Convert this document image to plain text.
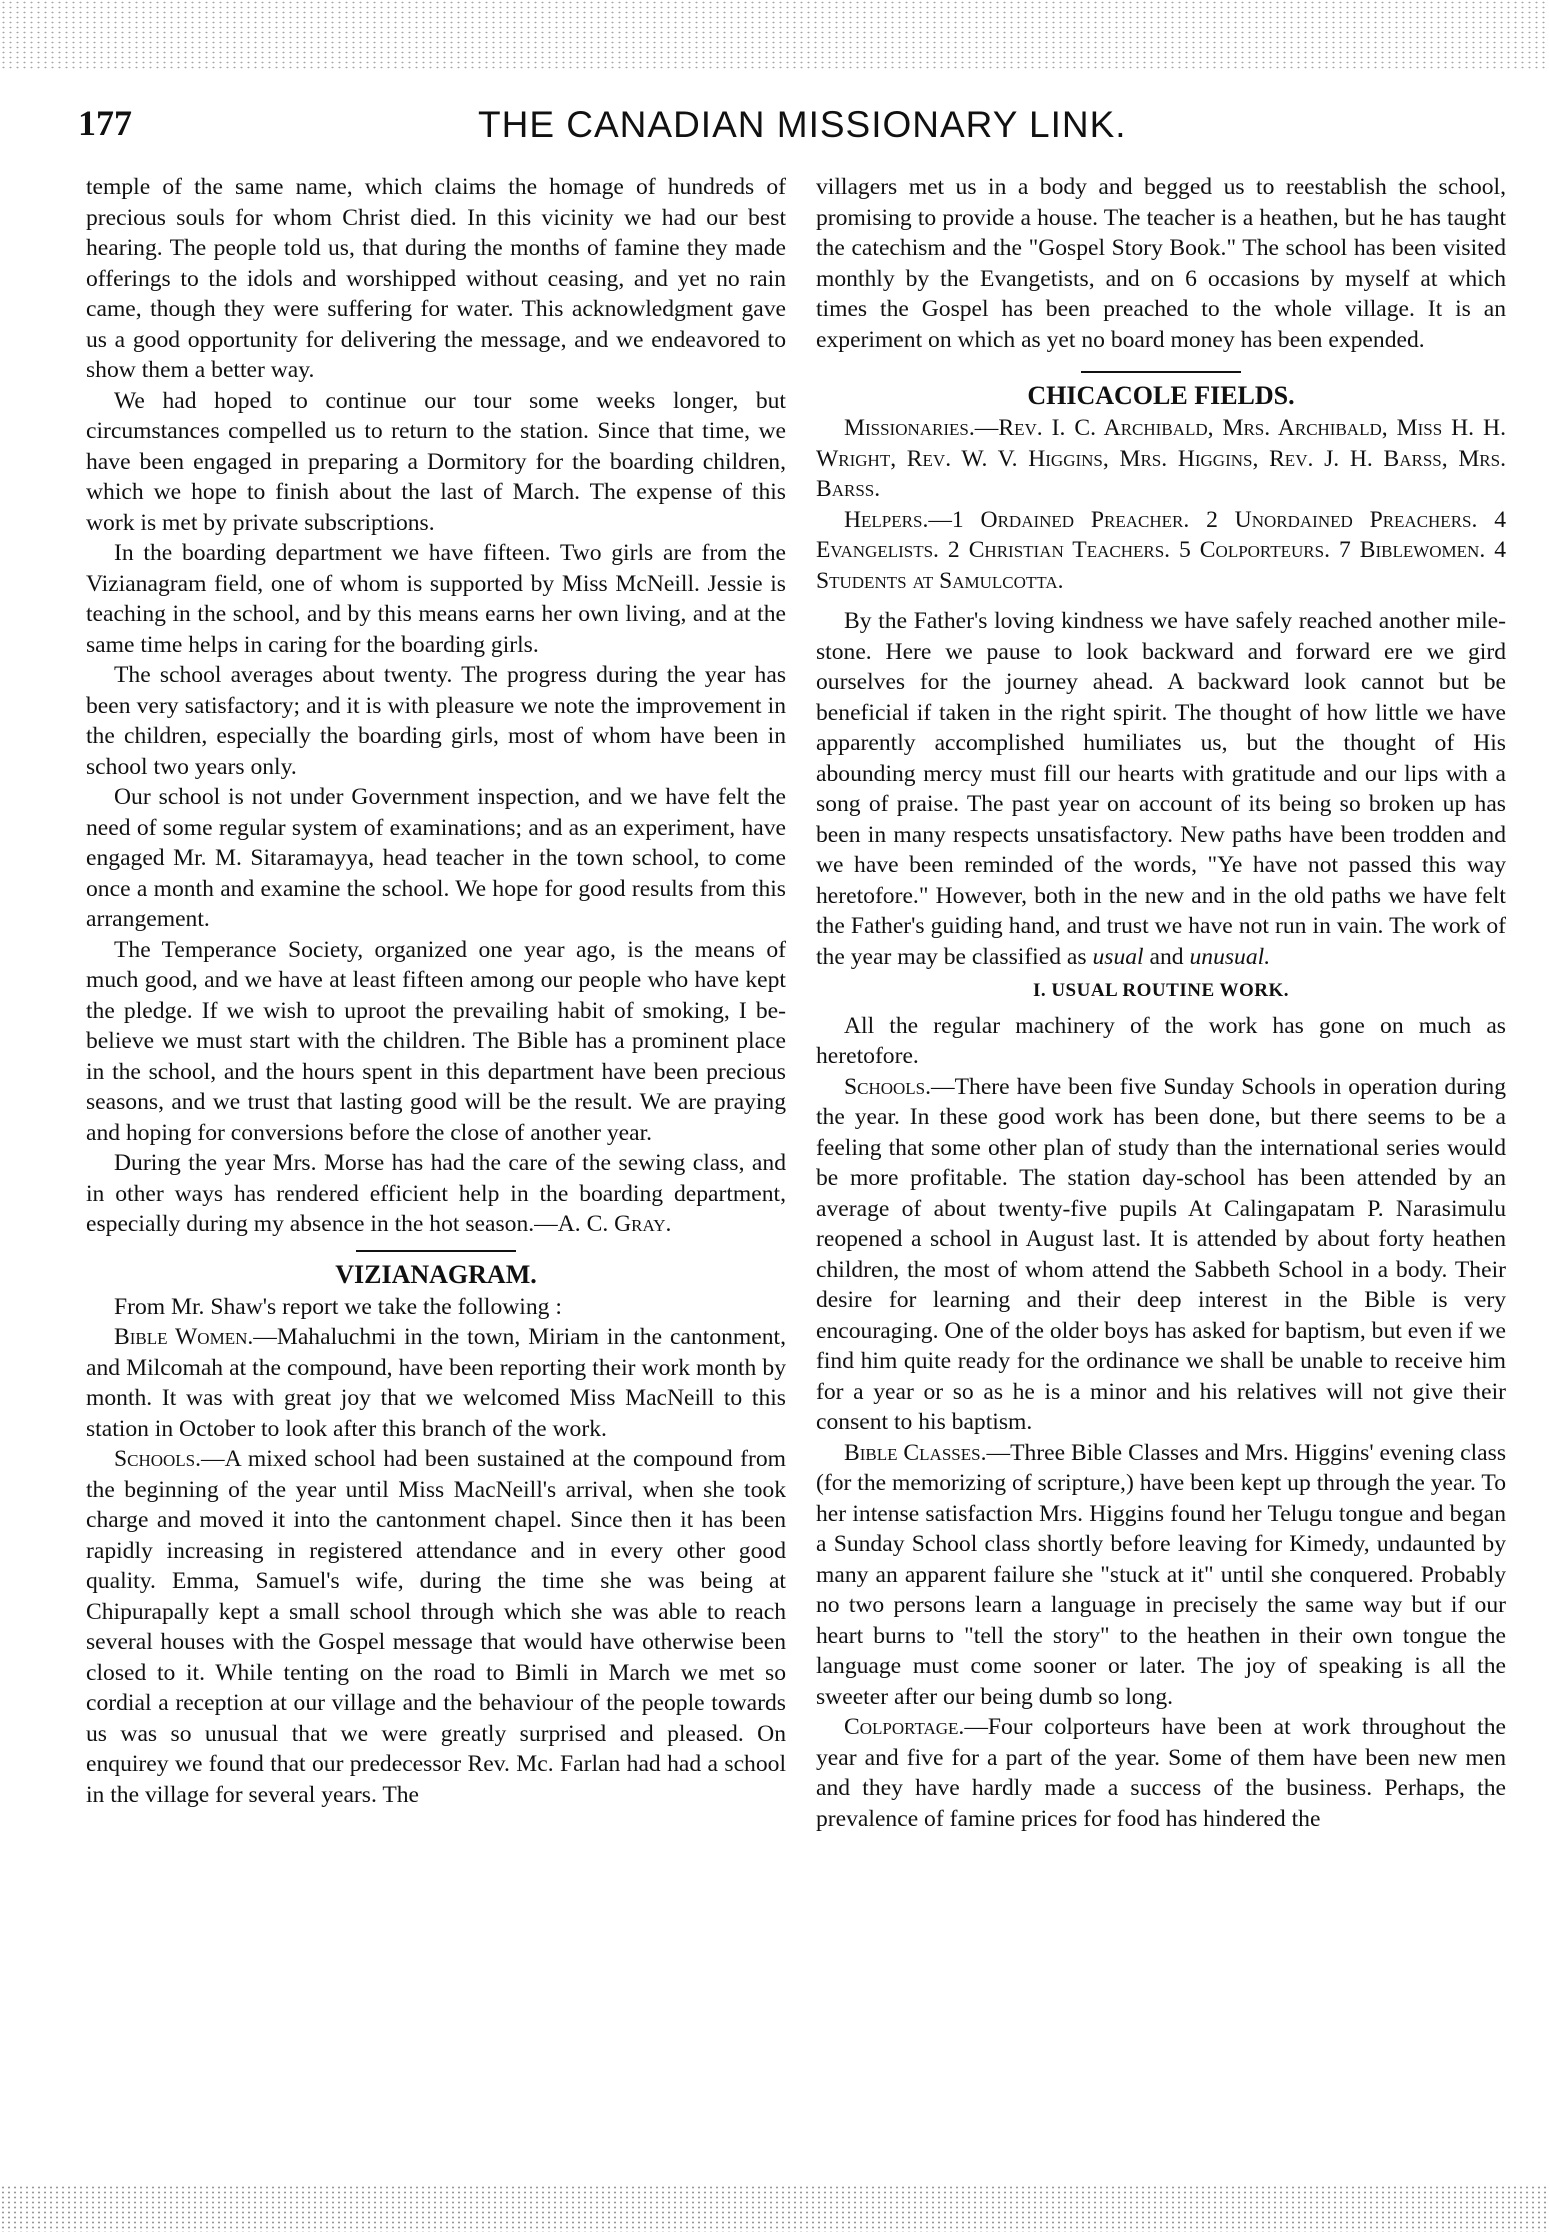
177	THE CANADIAN MISSIONARY LINK.

temple of the same name, which claims the homage of hundreds of precious souls for whom Christ died. In this vicinity we had our best hearing. The people told us, that during the months of famine they made offerings to the idols and worshipped without ceasing, and yet no rain came, though they were suffering for water. This acknowledgment gave us a good opportunity for delivering the message, and we endeavored to show them a better way.

We had hoped to continue our tour some weeks longer, but circumstances compelled us to return to the station. Since that time, we have been engaged in preparing a Dormitory for the boarding children, which we hope to finish about the last of March. The expense of this work is met by private subscriptions.

In the boarding department we have fifteen. Two girls are from the Vizianagram field, one of whom is supported by Miss McNeill. Jessie is teaching in the school, and by this means earns her own living, and at the same time helps in caring for the boarding girls.

The school averages about twenty. The progress during the year has been very satisfactory; and it is with pleasure we note the improvement in the children, especially the boarding girls, most of whom have been in school two years only.

Our school is not under Government inspection, and we have felt the need of some regular system of examinations; and as an experiment, have engaged Mr. M. Sitaramayya, head teacher in the town school, to come once a month and examine the school. We hope for good results from this arrangement.

The Temperance Society, organized one year ago, is the means of much good, and we have at least fifteen among our people who have kept the pledge. If we wish to uproot the prevailing habit of smoking, I be-believe we must start with the children. The Bible has a prominent place in the school, and the hours spent in this department have been precious seasons, and we trust that lasting good will be the result. We are praying and hoping for conversions before the close of another year.

During the year Mrs. Morse has had the care of the sewing class, and in other ways has rendered efficient help in the boarding department, especially during my absence in the hot season.—A. C. Gray.

VIZIANAGRAM.

From Mr. Shaw's report we take the following :

Bible Women.—Mahaluchmi in the town, Miriam in the cantonment, and Milcomah at the compound, have been reporting their work month by month. It was with great joy that we welcomed Miss MacNeill to this station in October to look after this branch of the work.

Schools.—A mixed school had been sustained at the compound from the beginning of the year until Miss MacNeill's arrival, when she took charge and moved it into the cantonment chapel. Since then it has been rapidly increasing in registered attendance and in every other good quality. Emma, Samuel's wife, during the time she was being at Chipurapally kept a small school through which she was able to reach several houses with the Gospel message that would have otherwise been closed to it. While tenting on the road to Bimli in March we met so cordial a reception at our village and the behaviour of the people towards us was so unusual that we were greatly surprised and pleased. On enquirey we found that our predecessor Rev. Mc. Farlan had had a school in the village for several years. The

villagers met us in a body and begged us to reestablish the school, promising to provide a house. The teacher is a heathen, but he has taught the catechism and the "Gospel Story Book." The school has been visited monthly by the Evangetists, and on 6 occasions by myself at which times the Gospel has been preached to the whole village. It is an experiment on which as yet no board money has been expended.

CHICACOLE FIELDS.

Missionaries.—Rev. I. C. Archibald, Mrs. Archibald, Miss H. H. Wright, Rev. W. V. Higgins, Mrs. Higgins, Rev. J. H. Barss, Mrs. Barss.

Helpers.—1 Ordained Preacher. 2 Unordained Preachers. 4 Evangelists. 2 Christian Teachers. 5 Colporteurs. 7 Biblewomen. 4 Students at Samulcotta.

By the Father's loving kindness we have safely reached another mile-stone. Here we pause to look backward and forward ere we gird ourselves for the journey ahead. A backward look cannot but be beneficial if taken in the right spirit. The thought of how little we have apparently accomplished humiliates us, but the thought of His abounding mercy must fill our hearts with gratitude and our lips with a song of praise. The past year on account of its being so broken up has been in many respects unsatisfactory. New paths have been trodden and we have been reminded of the words, "Ye have not passed this way heretofore." However, both in the new and in the old paths we have felt the Father's guiding hand, and trust we have not run in vain. The work of the year may be classified as usual and unusual.

I. USUAL ROUTINE WORK.

All the regular machinery of the work has gone on much as heretofore.

Schools.—There have been five Sunday Schools in operation during the year. In these good work has been done, but there seems to be a feeling that some other plan of study than the international series would be more profitable. The station day-school has been attended by an average of about twenty-five pupils At Calingapatam P. Narasimulu reopened a school in August last. It is attended by about forty heathen children, the most of whom attend the Sabbeth School in a body. Their desire for learning and their deep interest in the Bible is very encouraging. One of the older boys has asked for baptism, but even if we find him quite ready for the ordinance we shall be unable to receive him for a year or so as he is a minor and his relatives will not give their consent to his baptism.

Bible Classes.—Three Bible Classes and Mrs. Higgins' evening class (for the memorizing of scripture,) have been kept up through the year. To her intense satisfaction Mrs. Higgins found her Telugu tongue and began a Sunday School class shortly before leaving for Kimedy, undaunted by many an apparent failure she "stuck at it" until she conquered. Probably no two persons learn a language in precisely the same way but if our heart burns to "tell the story" to the heathen in their own tongue the language must come sooner or later. The joy of speaking is all the sweeter after our being dumb so long.

Colportage.—Four colporteurs have been at work throughout the year and five for a part of the year. Some of them have been new men and they have hardly made a success of the business. Perhaps, the prevalence of famine prices for food has hindered the
